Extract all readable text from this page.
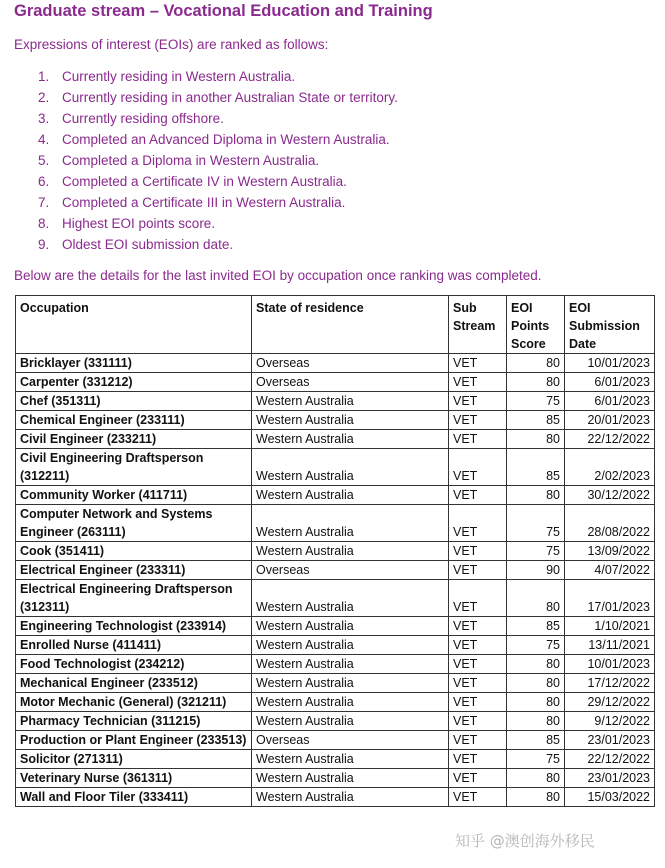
Graduate stream – Vocational Education and Training
Expressions of interest (EOIs) are ranked as follows:
1. Currently residing in Western Australia.
2. Currently residing in another Australian State or territory.
3. Currently residing offshore.
4. Completed an Advanced Diploma in Western Australia.
5. Completed a Diploma in Western Australia.
6. Completed a Certificate IV in Western Australia.
7. Completed a Certificate III in Western Australia.
8. Highest EOI points score.
9. Oldest EOI submission date.
Below are the details for the last invited EOI by occupation once ranking was completed.
Occupation	State of residence	Sub Stream	EOI Points Score	EOI Submission Date
Bricklayer (331111)	Overseas	VET	80	10/01/2023
Carpenter (331212)	Overseas	VET	80	6/01/2023
Chef (351311)	Western Australia	VET	75	6/01/2023
Chemical Engineer (233111)	Western Australia	VET	85	20/01/2023
Civil Engineer (233211)	Western Australia	VET	80	22/12/2022
Civil Engineering Draftsperson (312211)	Western Australia	VET	85	2/02/2023
Community Worker (411711)	Western Australia	VET	80	30/12/2022
Computer Network and Systems Engineer (263111)	Western Australia	VET	75	28/08/2022
Cook (351411)	Western Australia	VET	75	13/09/2022
Electrical Engineer (233311)	Overseas	VET	90	4/07/2022
Electrical Engineering Draftsperson (312311)	Western Australia	VET	80	17/01/2023
Engineering Technologist (233914)	Western Australia	VET	85	1/10/2021
Enrolled Nurse (411411)	Western Australia	VET	75	13/11/2021
Food Technologist (234212)	Western Australia	VET	80	10/01/2023
Mechanical Engineer (233512)	Western Australia	VET	80	17/12/2022
Motor Mechanic (General) (321211)	Western Australia	VET	80	29/12/2022
Pharmacy Technician (311215)	Western Australia	VET	80	9/12/2022
Production or Plant Engineer (233513)	Overseas	VET	85	23/01/2023
Solicitor (271311)	Western Australia	VET	75	22/12/2022
Veterinary Nurse (361311)	Western Australia	VET	80	23/01/2023
Wall and Floor Tiler (333411)	Western Australia	VET	80	15/03/2022
知乎 @澳创海外移民
